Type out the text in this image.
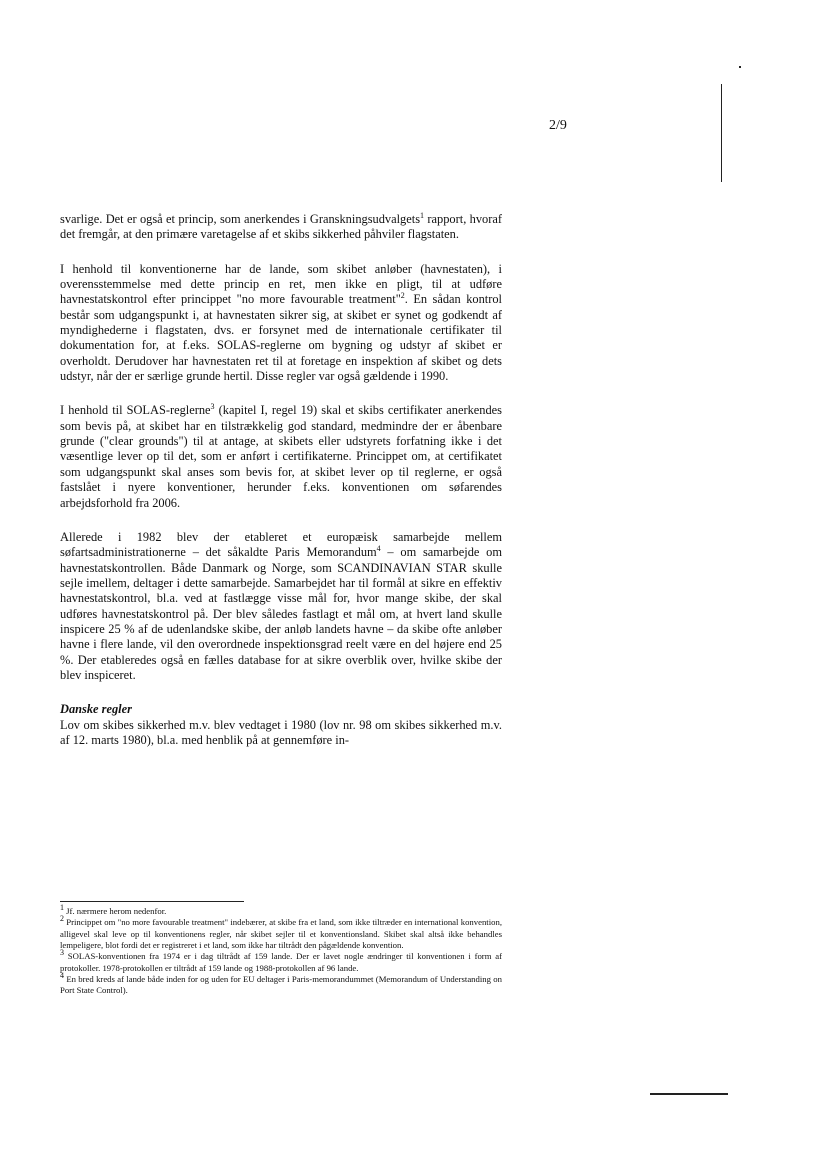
2/9

svarlige. Det er også et princip, som anerkendes i Granskningsudvalgets$^1$ rapport, hvoraf det fremgår, at den primære varetagelse af et skibs sikkerhed påhviler flagstaten.

I henhold til konventionerne har de lande, som skibet anløber (havnestaten), i overensstemmelse med dette princip en ret, men ikke en pligt, til at udføre havnestatskontrol efter princippet "no more favourable treatment"$^2$. En sådan kontrol består som udgangspunkt i, at havnestaten sikrer sig, at skibet er synet og godkendt af myndighederne i flagstaten, dvs. er forsynet med de internationale certifikater til dokumentation for, at f.eks. SOLAS-reglerne om bygning og udstyr af skibet er overholdt. Derudover har havnestaten ret til at foretage en inspektion af skibet og dets udstyr, når der er særlige grunde hertil. Disse regler var også gældende i 1990.

I henhold til SOLAS-reglerne$^3$ (kapitel I, regel 19) skal et skibs certifikater anerkendes som bevis på, at skibet har en tilstrækkelig god standard, medmindre der er åbenbare grunde ("clear grounds") til at antage, at skibets eller udstyrets forfatning ikke i det væsentlige lever op til det, som er anført i certifikaterne. Princippet om, at certifikatet som udgangspunkt skal anses som bevis for, at skibet lever op til reglerne, er også fastslået i nyere konventioner, herunder f.eks. konventionen om søfarendes arbejdsforhold fra 2006.

Allerede i 1982 blev der etableret et europæisk samarbejde mellem søfartsadministrationerne – det såkaldte Paris Memorandum$^4$ – om samarbejde om havnestatskontrollen. Både Danmark og Norge, som SCANDINAVIAN STAR skulle sejle imellem, deltager i dette samarbejde. Samarbejdet har til formål at sikre en effektiv havnestatskontrol, bl.a. ved at fastlægge visse mål for, hvor mange skibe, der skal udføres havnestatskontrol på. Der blev således fastlagt et mål om, at hvert land skulle inspicere 25 % af de udenlandske skibe, der anløb landets havne – da skibe ofte anløber havne i flere lande, vil den overordnede inspektionsgrad reelt være en del højere end 25 %. Der etableredes også en fælles database for at sikre overblik over, hvilke skibe der blev inspiceret.

Danske regler

Lov om skibes sikkerhed m.v. blev vedtaget i 1980 (lov nr. 98 om skibes sikkerhed m.v. af 12. marts 1980), bl.a. med henblik på at gennemføre in-

$^1$ Jf. nærmere herom nedenfor.

$^2$ Princippet om "no more favourable treatment" indebærer, at skibe fra et land, som ikke tiltræder en international konvention, alligevel skal leve op til konventionens regler, når skibet sejler til et konventionsland. Skibet skal altså ikke behandles lempeligere, blot fordi det er registreret i et land, som ikke har tiltrådt den pågældende konvention.

$^3$ SOLAS-konventionen fra 1974 er i dag tiltrådt af 159 lande. Der er lavet nogle ændringer til konventionen i form af protokoller. 1978-protokollen er tiltrådt af 159 lande og 1988-protokollen af 96 lande.

$^4$ En bred kreds af lande både inden for og uden for EU deltager i Paris-memorandummet (Memorandum of Understanding on Port State Control).
